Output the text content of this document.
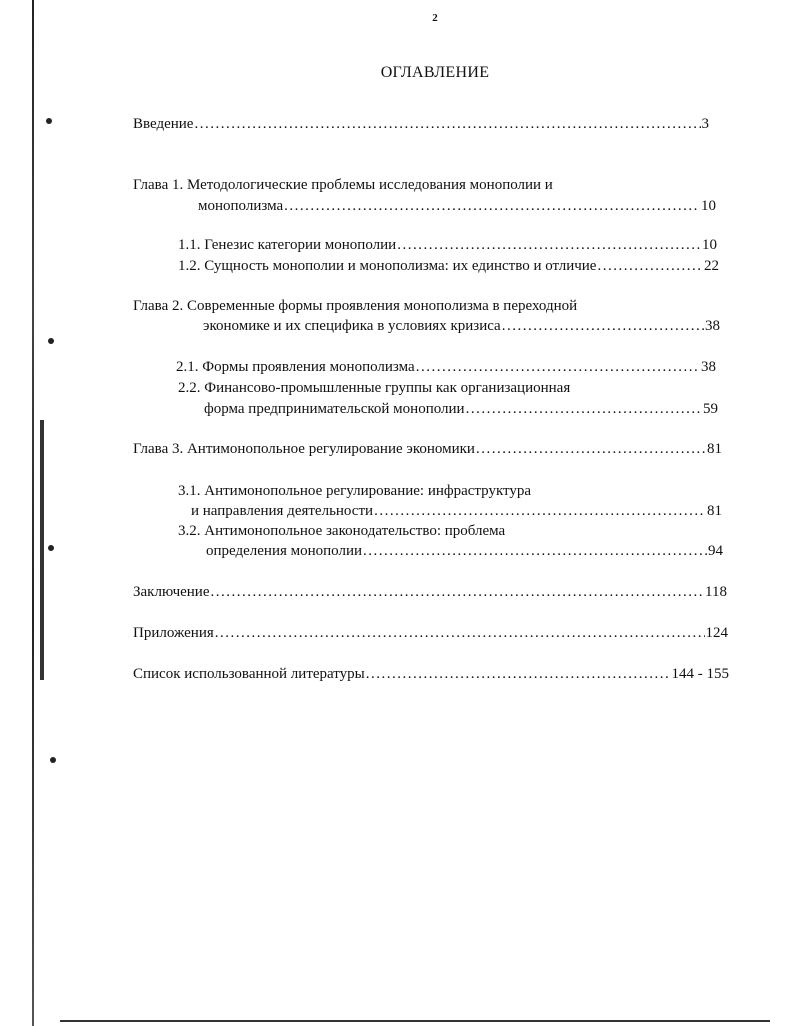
2
ОГЛАВЛЕНИЕ
Введение .....	3
Глава 1. Методологические проблемы исследования монополии и
монополизма .....	10
1.1. Генезис категории монополии .....	10
1.2. Сущность монополии и монополизма: их единство и отличие .....	22
Глава 2. Современные формы проявления монополизма в переходной
экономике и их специфика в условиях кризиса .....	38
2.1. Формы проявления монополизма .....	38
2.2. Финансово-промышленные группы как организационная
форма предпринимательской монополии .....	59
Глава 3. Антимонопольное регулирование экономики .....	81
3.1. Антимонопольное регулирование: инфраструктура
и направления деятельности .....	81
3.2. Антимонопольное законодательство: проблема
определения монополии .....	94
Заключение .....	118
Приложения .....	124
Список использованной литературы .....	144 - 155
